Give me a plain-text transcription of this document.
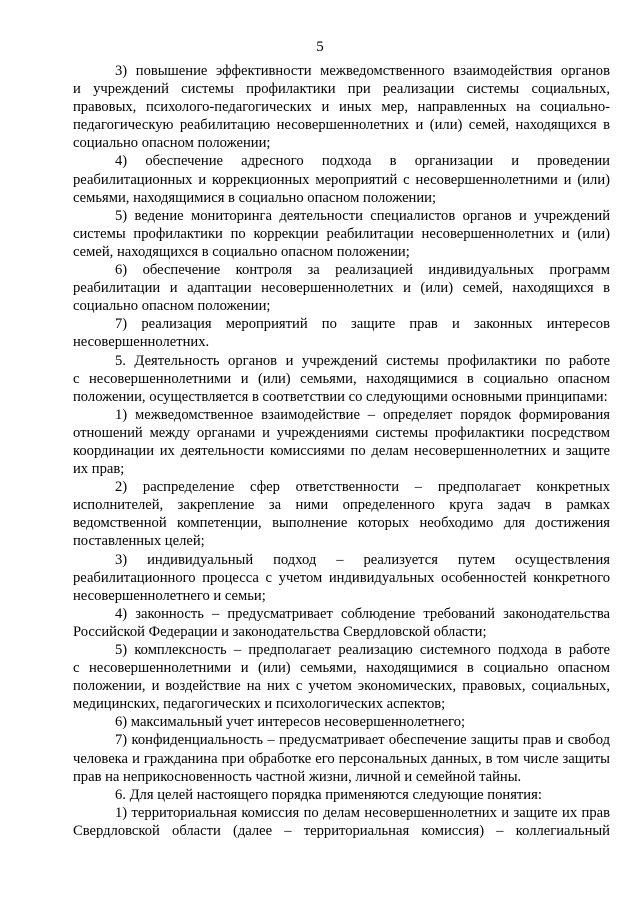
5

3) повышение эффективности межведомственного взаимодействия органов и учреждений системы профилактики при реализации системы социальных, правовых, психолого-педагогических и иных мер, направленных на социально-педагогическую реабилитацию несовершеннолетних и (или) семей, находящихся в социально опасном положении;

4) обеспечение адресного подхода в организации и проведении реабилитационных и коррекционных мероприятий с несовершеннолетними и (или) семьями, находящимися в социально опасном положении;

5) ведение мониторинга деятельности специалистов органов и учреждений системы профилактики по коррекции реабилитации несовершеннолетних и (или) семей, находящихся в социально опасном положении;

6) обеспечение контроля за реализацией индивидуальных программ реабилитации и адаптации несовершеннолетних и (или) семей, находящихся в социально опасном положении;

7) реализация мероприятий по защите прав и законных интересов несовершеннолетних.

5. Деятельность органов и учреждений системы профилактики по работе с несовершеннолетними и (или) семьями, находящимися в социально опасном положении, осуществляется в соответствии со следующими основными принципами:

1) межведомственное взаимодействие – определяет порядок формирования отношений между органами и учреждениями системы профилактики посредством координации их деятельности комиссиями по делам несовершеннолетних и защите их прав;

2) распределение сфер ответственности – предполагает конкретных исполнителей, закрепление за ними определенного круга задач в рамках ведомственной компетенции, выполнение которых необходимо для достижения поставленных целей;

3) индивидуальный подход – реализуется путем осуществления реабилитационного процесса с учетом индивидуальных особенностей конкретного несовершеннолетнего и семьи;

4) законность – предусматривает соблюдение требований законодательства Российской Федерации и законодательства Свердловской области;

5) комплексность – предполагает реализацию системного подхода в работе с несовершеннолетними и (или) семьями, находящимися в социально опасном положении, и воздействие на них с учетом экономических, правовых, социальных, медицинских, педагогических и психологических аспектов;

6) максимальный учет интересов несовершеннолетнего;

7) конфиденциальность – предусматривает обеспечение защиты прав и свобод человека и гражданина при обработке его персональных данных, в том числе защиты прав на неприкосновенность частной жизни, личной и семейной тайны.

6. Для целей настоящего порядка применяются следующие понятия:

1) территориальная комиссия по делам несовершеннолетних и защите их прав Свердловской области (далее – территориальная комиссия) – коллегиальный
